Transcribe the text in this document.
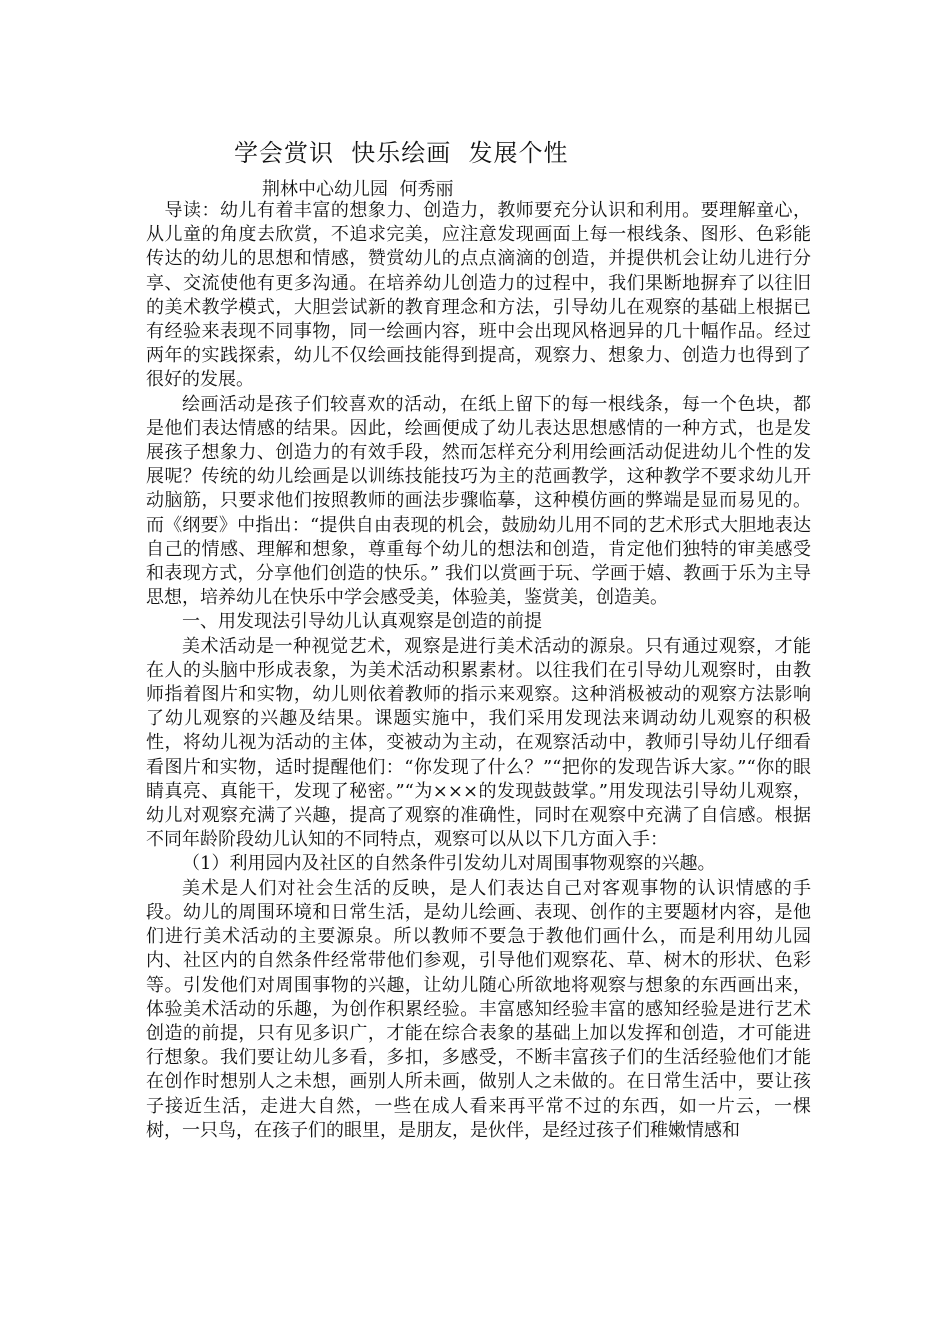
学会赏识  快乐绘画  发展个性
荆林中心幼儿园  何秀丽

导读：幼儿有着丰富的想象力、创造力，教师要充分认识和利用。要理解童心，从儿童的角度去欣赏，不追求完美，应注意发现画面上每一根线条、图形、色彩能传达的幼儿的思想和情感，赞赏幼儿的点点滴滴的创造，并提供机会让幼儿进行分享、交流使他有更多沟通。在培养幼儿创造力的过程中，我们果断地摒弃了以往旧的美术教学模式，大胆尝试新的教育理念和方法，引导幼儿在观察的基础上根据已有经验来表现不同事物，同一绘画内容，班中会出现风格迥异的几十幅作品。经过两年的实践探索，幼儿不仅绘画技能得到提高，观察力、想象力、创造力也得到了很好的发展。

绘画活动是孩子们较喜欢的活动，在纸上留下的每一根线条，每一个色块，都是他们表达情感的结果。因此，绘画便成了幼儿表达思想感情的一种方式，也是发展孩子想象力、创造力的有效手段，然而怎样充分利用绘画活动促进幼儿个性的发展呢？传统的幼儿绘画是以训练技能技巧为主的范画教学，这种教学不要求幼儿开动脑筋，只要求他们按照教师的画法步骤临摹，这种模仿画的弊端是显而易见的。而《纲要》中指出：“提供自由表现的机会，鼓励幼儿用不同的艺术形式大胆地表达自己的情感、理解和想象，尊重每个幼儿的想法和创造，肯定他们独特的审美感受和表现方式，分享他们创造的快乐。” 我们以赏画于玩、学画于嬉、教画于乐为主导思想，培养幼儿在快乐中学会感受美，体验美，鉴赏美，创造美。

一、用发现法引导幼儿认真观察是创造的前提

美术活动是一种视觉艺术，观察是进行美术活动的源泉。只有通过观察，才能在人的头脑中形成表象，为美术活动积累素材。以往我们在引导幼儿观察时，由教师指着图片和实物，幼儿则依着教师的指示来观察。这种消极被动的观察方法影响了幼儿观察的兴趣及结果。课题实施中，我们采用发现法来调动幼儿观察的积极性，将幼儿视为活动的主体，变被动为主动，在观察活动中，教师引导幼儿仔细看看图片和实物，适时提醒他们：“你发现了什么？”“把你的发现告诉大家。”“你的眼睛真亮、真能干，发现了秘密。”“为×××的发现鼓鼓掌。”用发现法引导幼儿观察，幼儿对观察充满了兴趣，提高了观察的准确性，同时在观察中充满了自信感。根据不同年龄阶段幼儿认知的不同特点，观察可以从以下几方面入手：

（1）利用园内及社区的自然条件引发幼儿对周围事物观察的兴趣。

美术是人们对社会生活的反映，是人们表达自己对客观事物的认识情感的手段。幼儿的周围环境和日常生活，是幼儿绘画、表现、创作的主要题材内容，是他们进行美术活动的主要源泉。所以教师不要急于教他们画什么，而是利用幼儿园内、社区内的自然条件经常带他们参观，引导他们观察花、草、树木的形状、色彩等。引发他们对周围事物的兴趣，让幼儿随心所欲地将观察与想象的东西画出来，体验美术活动的乐趣，为创作积累经验。丰富感知经验丰富的感知经验是进行艺术创造的前提，只有见多识广，才能在综合表象的基础上加以发挥和创造，才可能进行想象。我们要让幼儿多看，多扣，多感受，不断丰富孩子们的生活经验他们才能在创作时想别人之未想，画别人所未画，做别人之未做的。在日常生活中，要让孩子接近生活，走进大自然，一些在成人看来再平常不过的东西，如一片云，一棵树，一只鸟，在孩子们的眼里，是朋友，是伙伴，是经过孩子们稚嫩情感和
